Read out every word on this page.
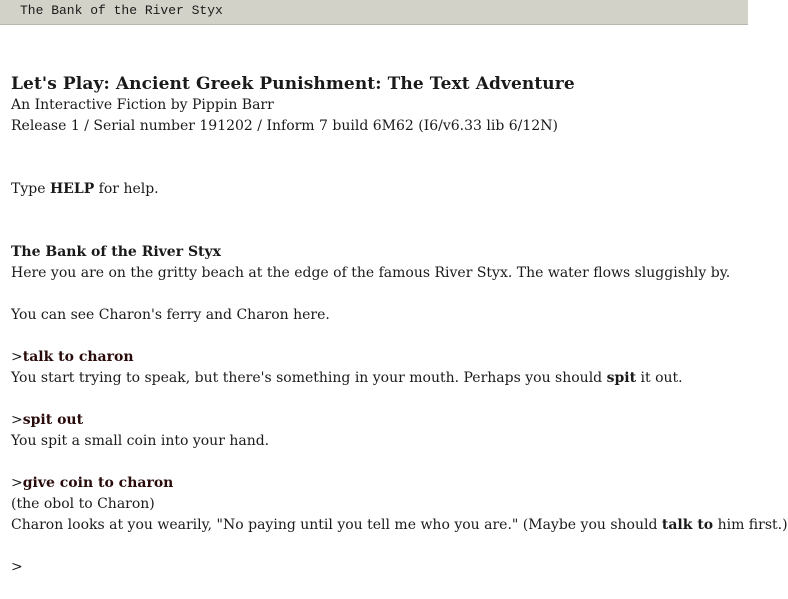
The Bank of the River Styx
Let's Play: Ancient Greek Punishment: The Text Adventure
An Interactive Fiction by Pippin Barr
Release 1 / Serial number 191202 / Inform 7 build 6M62 (I6/v6.33 lib 6/12N)
Type HELP for help.
The Bank of the River Styx
Here you are on the gritty beach at the edge of the famous River Styx. The water flows sluggishly by.
You can see Charon's ferry and Charon here.
>talk to charon
You start trying to speak, but there's something in your mouth. Perhaps you should spit it out.
>spit out
You spit a small coin into your hand.
>give coin to charon
(the obol to Charon)
Charon looks at you wearily, "No paying until you tell me who you are." (Maybe you should talk to him first.)
>
